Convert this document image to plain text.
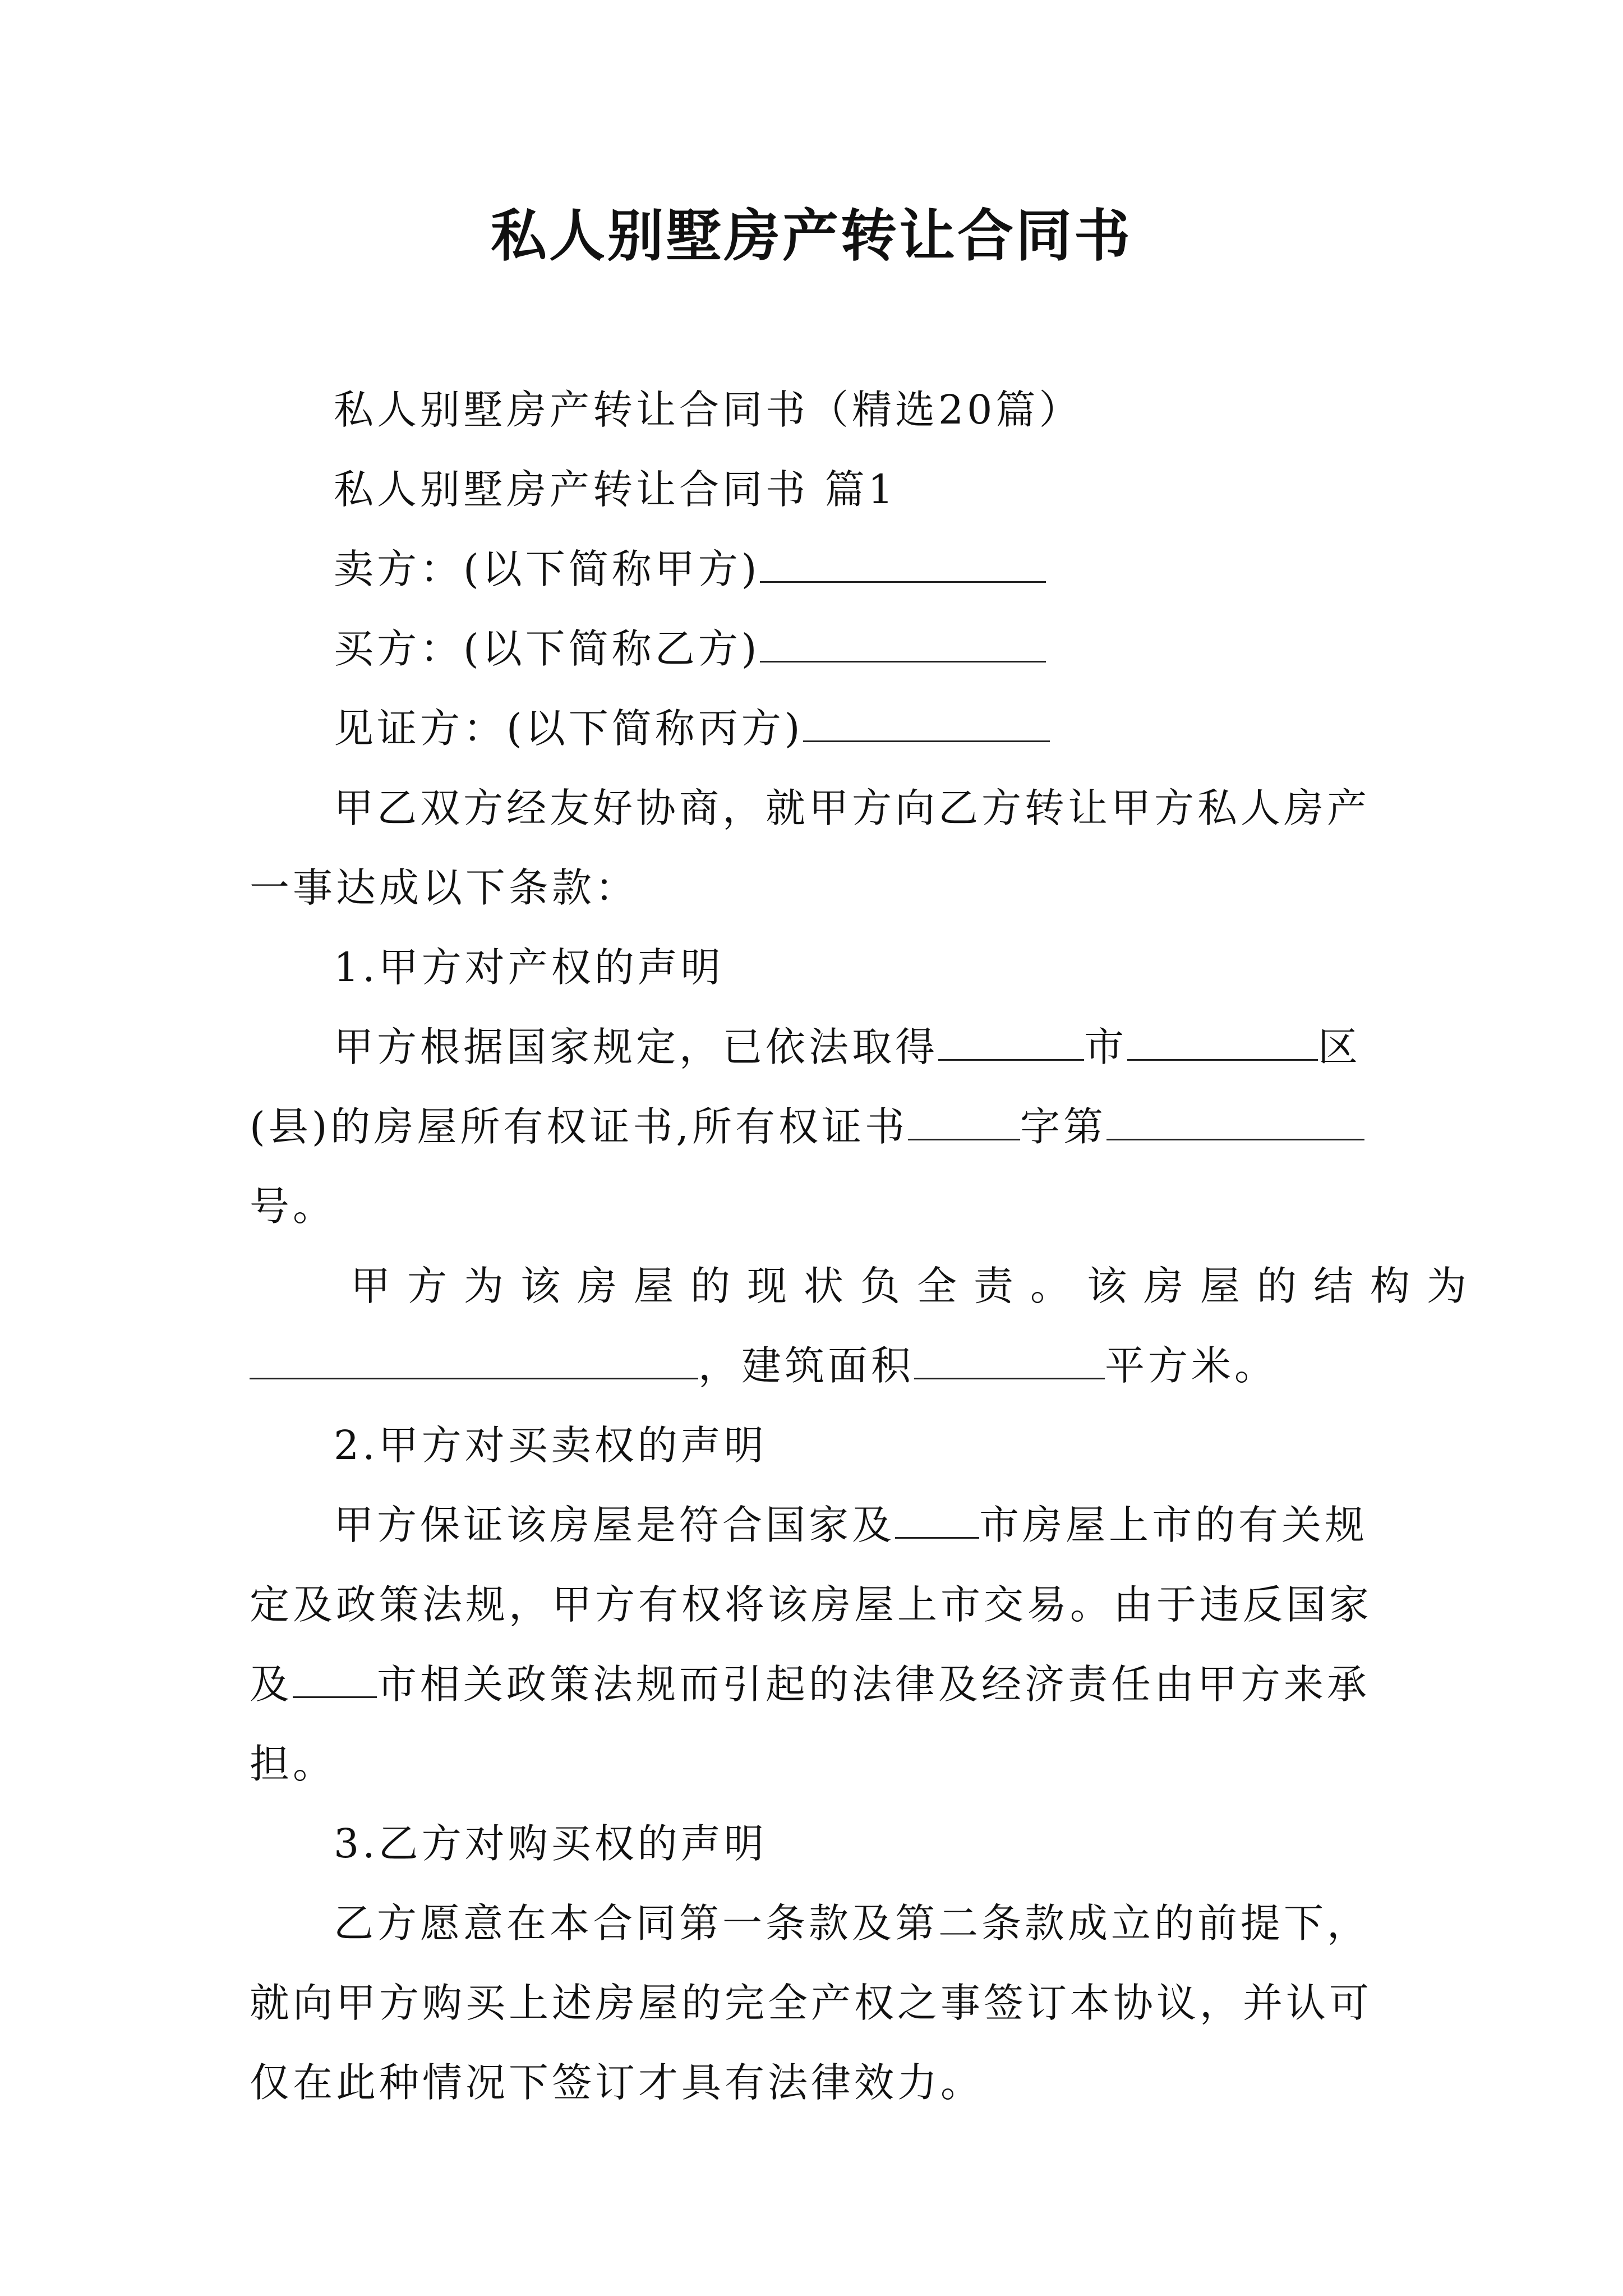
私人别墅房产转让合同书
私人别墅房产转让合同书（精选20篇）
私人别墅房产转让合同书 篇1
卖方：(以下简称甲方)
买方：(以下简称乙方)
见证方：(以下简称丙方)
甲乙双方经友好协商，就甲方向乙方转让甲方私人房产
一事达成以下条款：
1.甲方对产权的声明
甲方根据国家规定，已依法取得	市	区
(县)的房屋所有权证书,所有权证书	字第
号。
甲方为该房屋的现状负全责。该房屋的结构为
，建筑面积	平方米。
2.甲方对买卖权的声明
甲方保证该房屋是符合国家及 市房屋上市的有关规
定及政策法规，甲方有权将该房屋上市交易。由于违反国家
及 市相关政策法规而引起的法律及经济责任由甲方来承
担。
3.乙方对购买权的声明
乙方愿意在本合同第一条款及第二条款成立的前提下，
就向甲方购买上述房屋的完全产权之事签订本协议，并认可
仅在此种情况下签订才具有法律效力。
